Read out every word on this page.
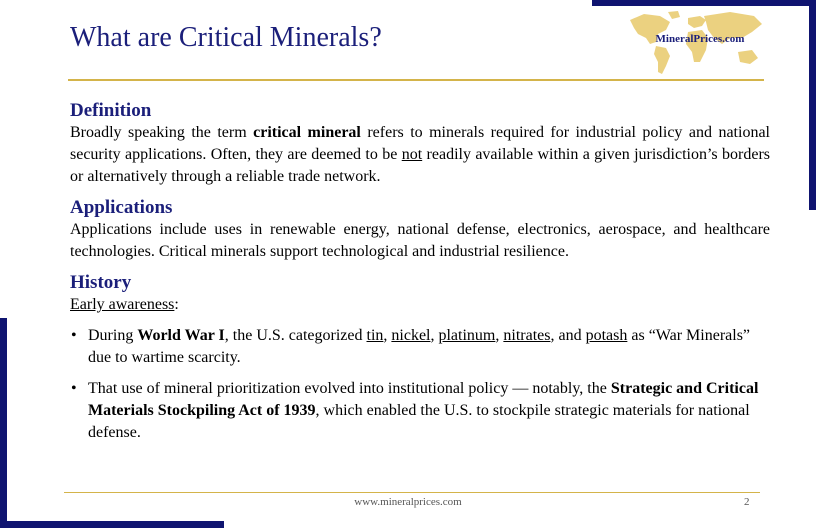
What are Critical Minerals?	MineralPrices.com
Definition

Broadly speaking the term critical mineral refers to minerals required for industrial policy and national security applications. Often, they are deemed to be not readily available within a given jurisdiction’s borders or alternatively through a reliable trade network.

Applications

Applications include uses in renewable energy, national defense, electronics, aerospace, and healthcare technologies. Critical minerals support technological and industrial resilience.

History

Early awareness:

• During World War I, the U.S. categorized tin, nickel, platinum, nitrates, and potash as “War Minerals” due to wartime scarcity.
• That use of mineral prioritization evolved into institutional policy — notably, the Strategic and Critical Materials Stockpiling Act of 1939, which enabled the U.S. to stockpile strategic materials for national defense.
www.mineralprices.com	2
